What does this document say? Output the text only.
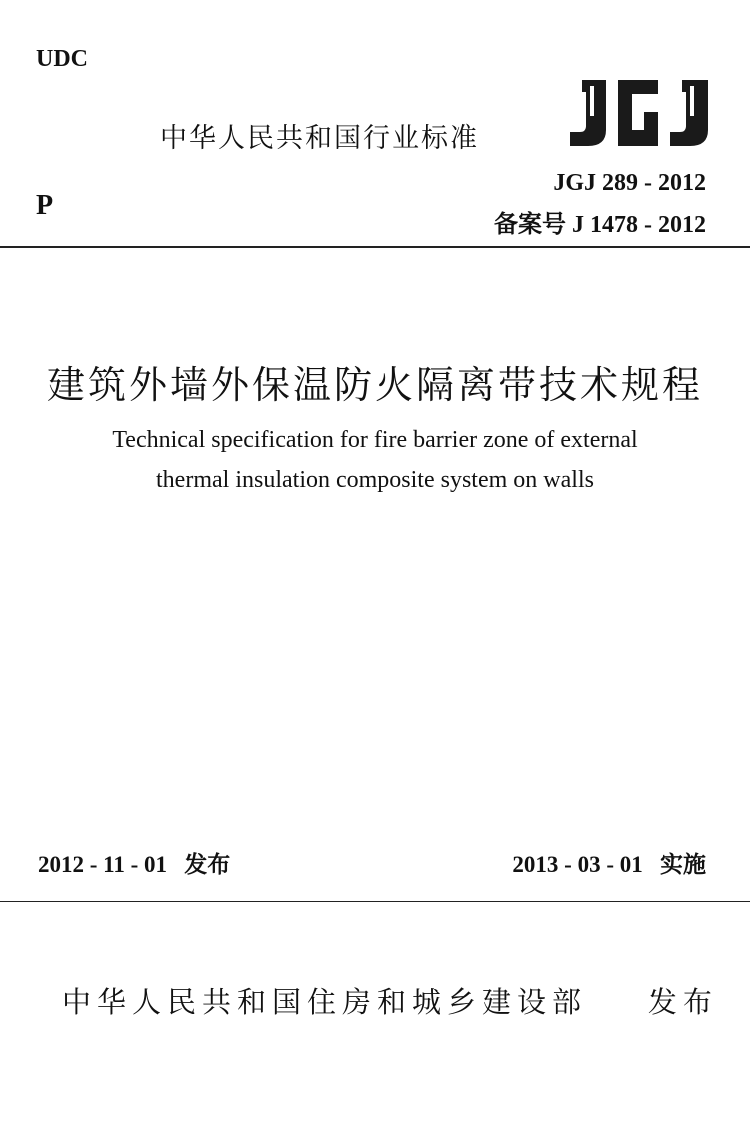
UDC
中华人民共和国行业标准
P
JGJ 289 - 2012
备案号 J 1478 - 2012
建筑外墙外保温防火隔离带技术规程
Technical specification for fire barrier zone of external
thermal insulation composite system on walls
2012 - 11 - 01   发布	2013 - 03 - 01   实施
中华人民共和国住房和城乡建设部    发布
